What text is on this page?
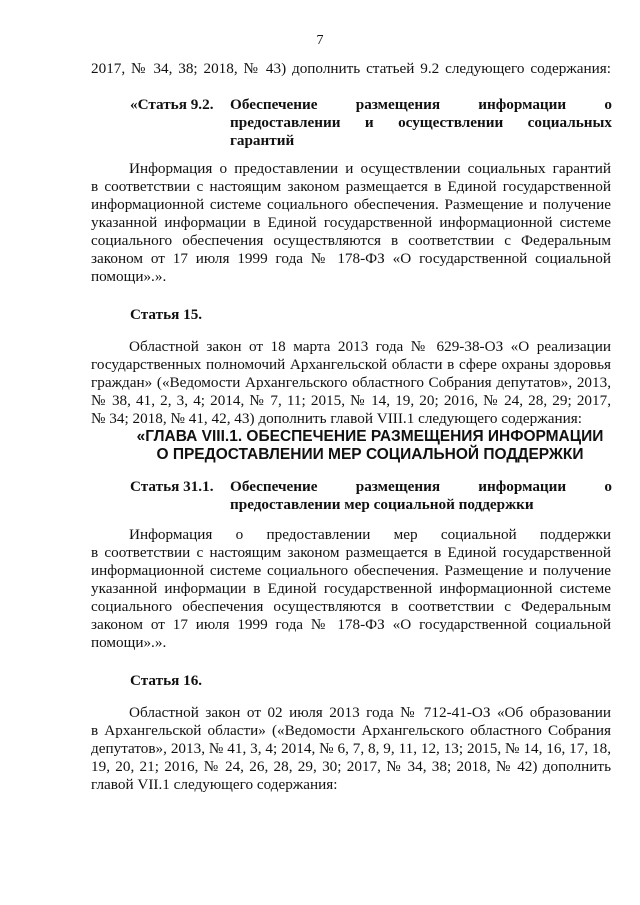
7
2017, № 34, 38; 2018, № 43) дополнить статьей 9.2 следующего содержания:
«Статья 9.2. Обеспечение размещения информации о
предоставлении и осуществлении социальных
гарантий
Информация о предоставлении и осуществлении социальных гарантий
в соответствии с настоящим законом размещается в Единой государственной
информационной системе социального обеспечения. Размещение и получение
указанной информации в Единой государственной информационной системе
социального обеспечения осуществляются в соответствии с Федеральным
законом от 17 июля 1999 года № 178-ФЗ «О государственной социальной
помощи».».
Статья 15.
Областной закон от 18 марта 2013 года № 629-38-ОЗ «О реализации
государственных полномочий Архангельской области в сфере охраны здоровья
граждан» («Ведомости Архангельского областного Собрания депутатов», 2013,
№ 38, 41, 2, 3, 4; 2014, № 7, 11; 2015, № 14, 19, 20; 2016, № 24, 28, 29; 2017,
№ 34; 2018, № 41, 42, 43) дополнить главой VIII.1 следующего содержания:
«ГЛАВА VIII.1. ОБЕСПЕЧЕНИЕ РАЗМЕЩЕНИЯ ИНФОРМАЦИИ
О ПРЕДОСТАВЛЕНИИ МЕР СОЦИАЛЬНОЙ ПОДДЕРЖКИ
Статья 31.1. Обеспечение размещения информации о
предоставлении мер социальной поддержки
Информация о предоставлении мер социальной поддержки
в соответствии с настоящим законом размещается в Единой государственной
информационной системе социального обеспечения. Размещение и получение
указанной информации в Единой государственной информационной системе
социального обеспечения осуществляются в соответствии с Федеральным
законом от 17 июля 1999 года № 178-ФЗ «О государственной социальной
помощи».».
Статья 16.
Областной закон от 02 июля 2013 года № 712-41-ОЗ «Об образовании
в Архангельской области» («Ведомости Архангельского областного Собрания
депутатов», 2013, № 41, 3, 4; 2014, № 6, 7, 8, 9, 11, 12, 13; 2015, № 14, 16, 17, 18,
19, 20, 21; 2016, № 24, 26, 28, 29, 30; 2017, № 34, 38; 2018, № 42) дополнить
главой VII.1 следующего содержания:
